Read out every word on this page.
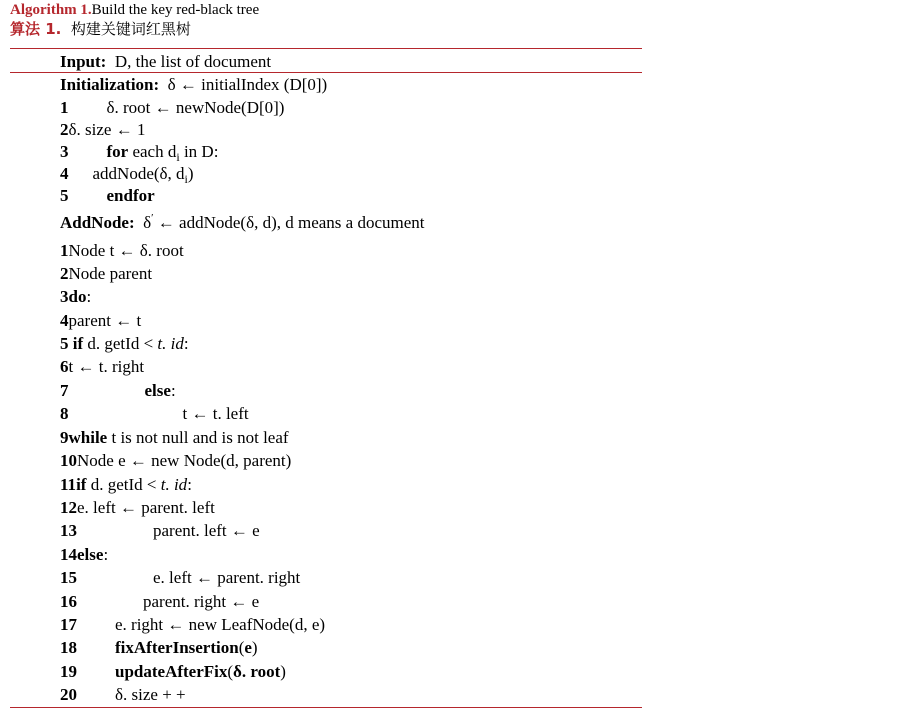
Algorithm 1.Build the key red-black tree
算法 1. 构建关键词红黑树
Input: D, the list of document
Initialization: δ ← initialIndex (D[0])
1 δ. root ← newNode(D[0])
2δ. size ← 1
3 for each $d_i$ in D:
4 addNode(δ, $d_i$)
5 endfor
AddNode: δ′ ← addNode(δ, d), d means a document
1Node t ← δ. root
2Node parent
3do:
4parent ← t
5 if d. getId < t. id:
6t ← t. right
7	else:
8	t ← t. left
9while t is not null and is not leaf
10Node e ← new Node(d, parent)
11if d. getId < t. id:
12e. left ← parent. left
13	parent. left ← e
14else:
15	e. left ← parent. right
16	parent. right ← e
17 e. right ← new LeafNode(d, e)
18 fixAfterInsertion(e)
19 updateAfterFix(δ. root)
20 δ. size + +
